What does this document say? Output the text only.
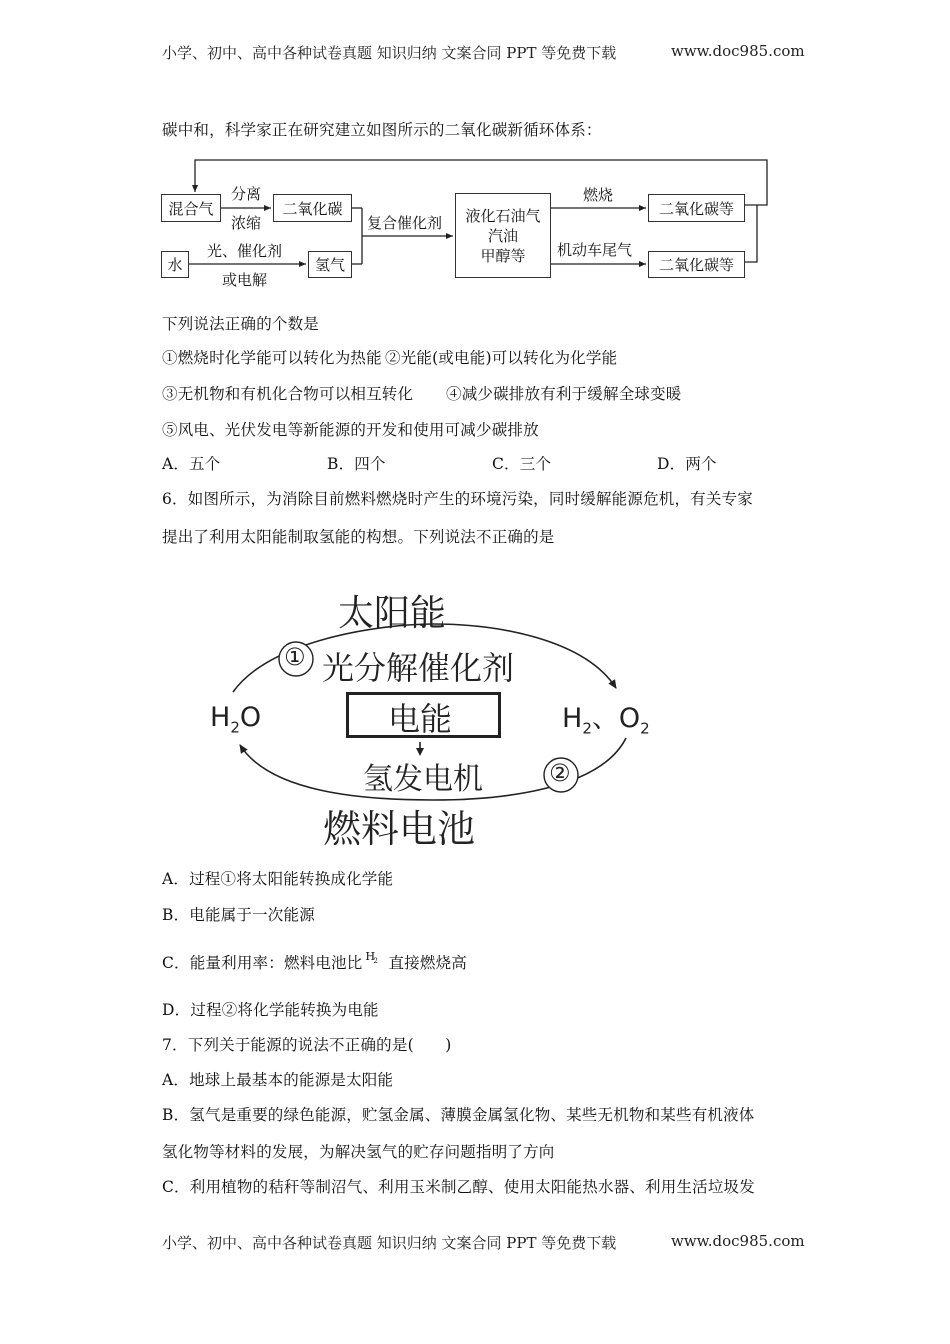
小学、初中、高中各种试卷真题 知识归纳 文案合同 PPT 等免费下载	www.doc985.com
碳中和，科学家正在研究建立如图所示的二氧化碳新循环体系：
混合气	二氧化碳
水	氢气
液化石油气
汽油
甲醇等
二氧化碳等
二氧化碳等
分离
浓缩
光、催化剂
或电解
复合催化剂
燃烧
机动车尾气
下列说法正确的个数是
①燃烧时化学能可以转化为热能 ②光能(或电能)可以转化为化学能
③无机物和有机化合物可以相互转化 ④减少碳排放有利于缓解全球变暖
⑤风电、光伏发电等新能源的开发和使用可减少碳排放
A．五个	B．四个	C．三个	D．两个
6．如图所示，为消除目前燃料燃烧时产生的环境污染，同时缓解能源危机，有关专家
提出了利用太阳能制取氢能的构想。下列说法不正确的是
太阳能
① 光分解催化剂
$H_2O$	电能	$H_2$、$O_2$
氢发电机	②
燃料电池
A．过程①将太阳能转换成化学能
B．电能属于一次能源
C．能量利用率：燃料电池比 H
2 直接燃烧高
D．过程②将化学能转换为电能
7．下列关于能源的说法不正确的是(　　)
A．地球上最基本的能源是太阳能
B．氢气是重要的绿色能源，贮氢金属、薄膜金属氢化物、某些无机物和某些有机液体
氢化物等材料的发展，为解决氢气的贮存问题指明了方向
C．利用植物的秸秆等制沼气、利用玉米制乙醇、使用太阳能热水器、利用生活垃圾发
小学、初中、高中各种试卷真题 知识归纳 文案合同 PPT 等免费下载	www.doc985.com
